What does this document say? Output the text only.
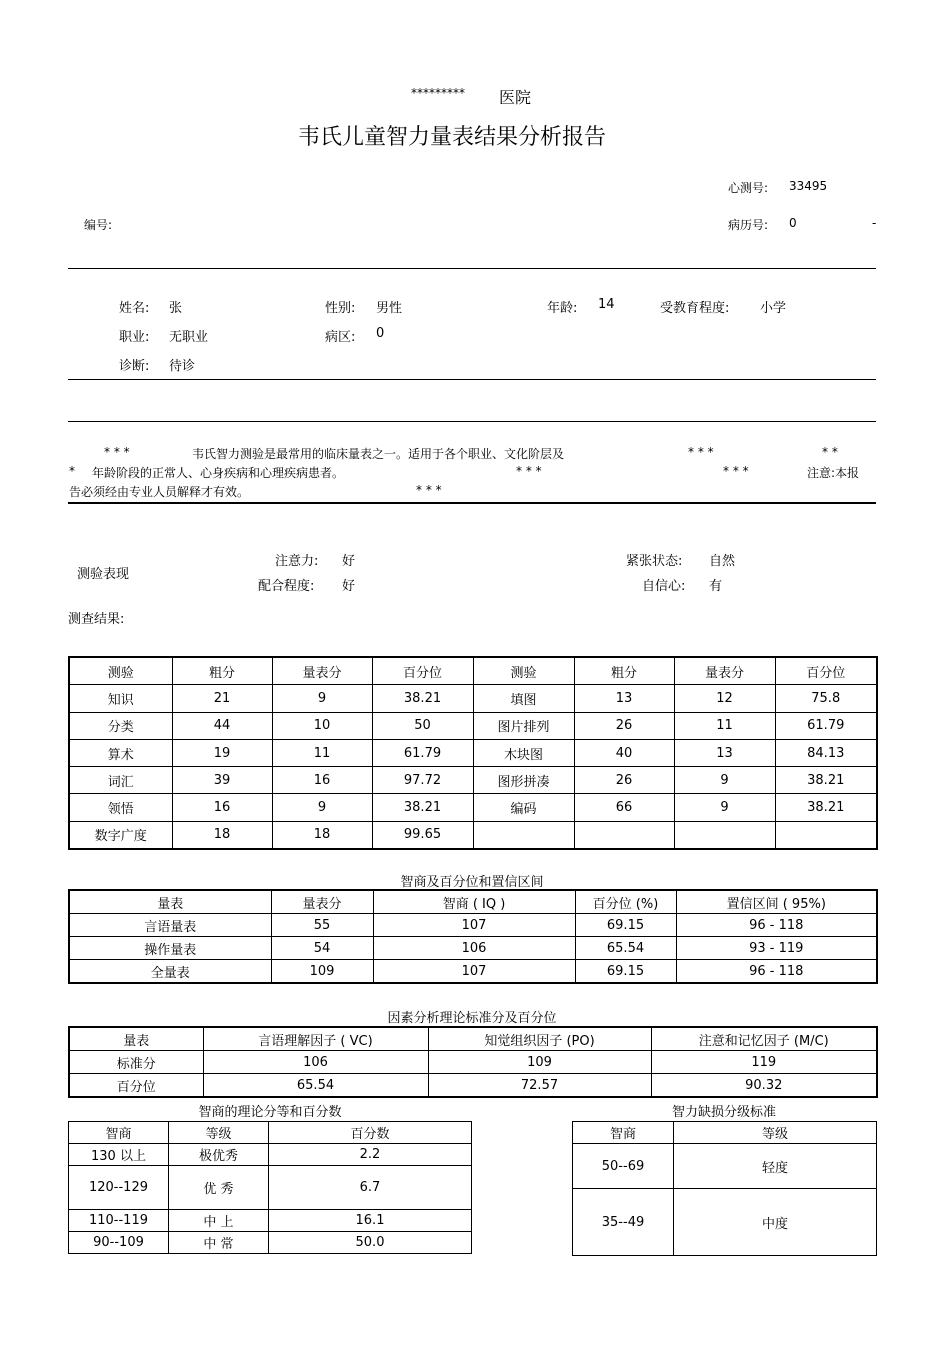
********* 医院
韦氏儿童智力量表结果分析报告
心测号: 33495
编号:	病历号: 0	-
姓名: 张	性别: 男性	年龄: 14	受教育程度: 小学
职业: 无职业	病区: 0
诊断: 待诊
* * *	韦氏智力测验是最常用的临床量表之一。适用于各个职业、文化阶层及	* * *	* *
* 年龄阶段的正常人、心身疾病和心理疾病患者。	* * *	* * *	注意:本报
告必须经由专业人员解释才有效。	* * *
测验表现
注意力: 好	紧张状态: 自然
配合程度: 好	自信心: 有
测查结果:
测验	粗分	量表分	百分位	测验	粗分	量表分	百分位
知识	21	9	38.21	填图	13	12	75.8
分类	44	10	50	图片排列	26	11	61.79
算术	19	11	61.79	木块图	40	13	84.13
词汇	39	16	97.72	图形拼凑	26	9	38.21
领悟	16	9	38.21	编码	66	9	38.21
数字广度	18	18	99.65				
智商及百分位和置信区间
量表	量表分	智商 ( IQ )	百分位 (%)	置信区间 ( 95%)
言语量表	55	107	69.15	96 - 118
操作量表	54	106	65.54	93 - 119
全量表	109	107	69.15	96 - 118
因素分析理论标准分及百分位
量表	言语理解因子 ( VC)	知觉组织因子 (PO)	注意和记忆因子 (M/C)
标准分	106	109	119
百分位	65.54	72.57	90.32
智商的理论分等和百分数
智商	等级	百分数
130 以上	极优秀	2.2
120--129	优 秀	6.7
110--119	中 上	16.1
90--109	中 常	50.0
智力缺损分级标准
智商	等级
50--69	轻度
35--49	中度
